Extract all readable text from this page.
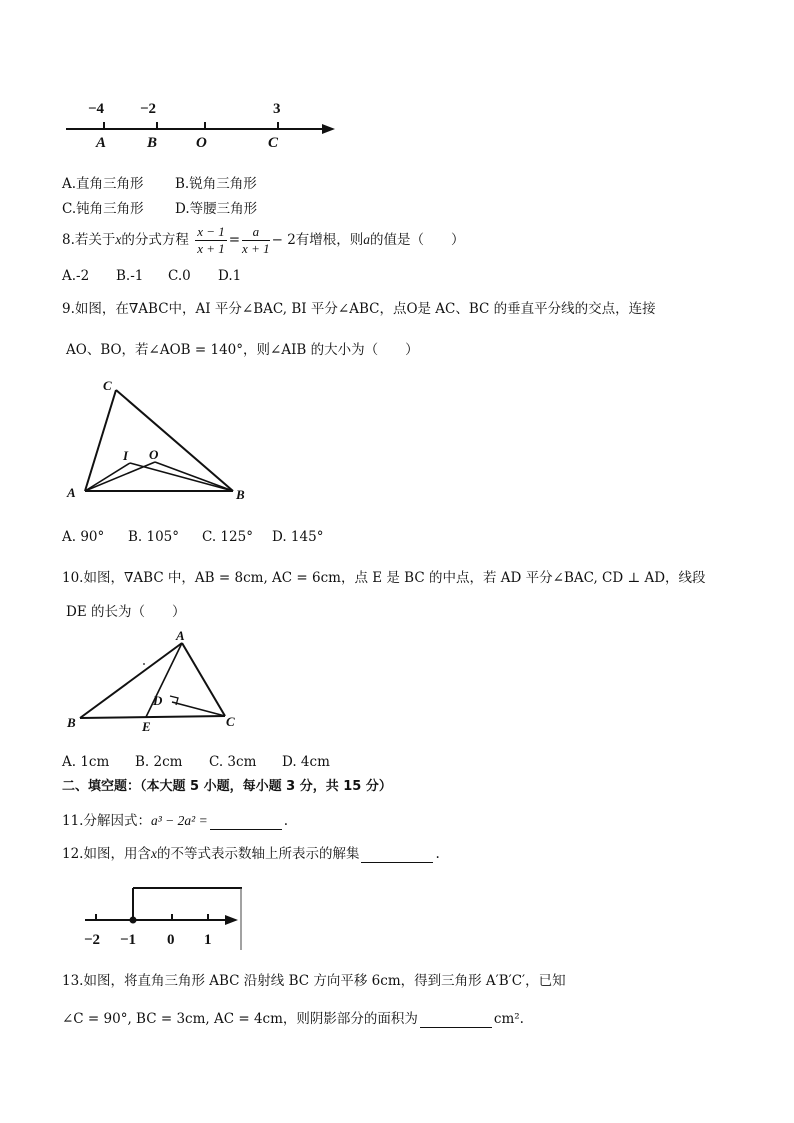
−4 −2	3
A	B	O	C
A.直角三角形 B.锐角三角形
C.钝角三角形 D.等腰三角形
8.若关于x的分式方程 $\frac{x - 1}{x + 1} = \frac{a}{x + 1} - 2$有增根，则a的值是（　　）
A.-2 B.-1 C.0 D.1
9.如图，在∇ABC中，AI 平分∠BAC, BI 平分∠ABC，点O是 AC、BC 的垂直平分线的交点，连接
AO、BO，若∠AOB = 140°，则∠AIB 的大小为（　　）
C
I O
A	B
A. 90° B. 105° C. 125° D. 145°
10.如图，∇ABC 中，AB = 8cm, AC = 6cm，点 E 是 BC 的中点，若 AD 平分∠BAC, CD ⊥ AD，线段
DE 的长为（　　）
A
D
B	E	C
A. 1cm B. 2cm C. 3cm D. 4cm
二、填空题：（本大题 5 小题，每小题 3 分，共 15 分）
11.分解因式：a³ − 2a² =	.
12.如图，用含x的不等式表示数轴上所表示的解集	.
−2 −1 0 1
13.如图，将直角三角形 ABC 沿射线 BC 方向平移 6cm，得到三角形 A′B′C′，已知
∠C = 90°, BC = 3cm, AC = 4cm，则阴影部分的面积为	cm².
